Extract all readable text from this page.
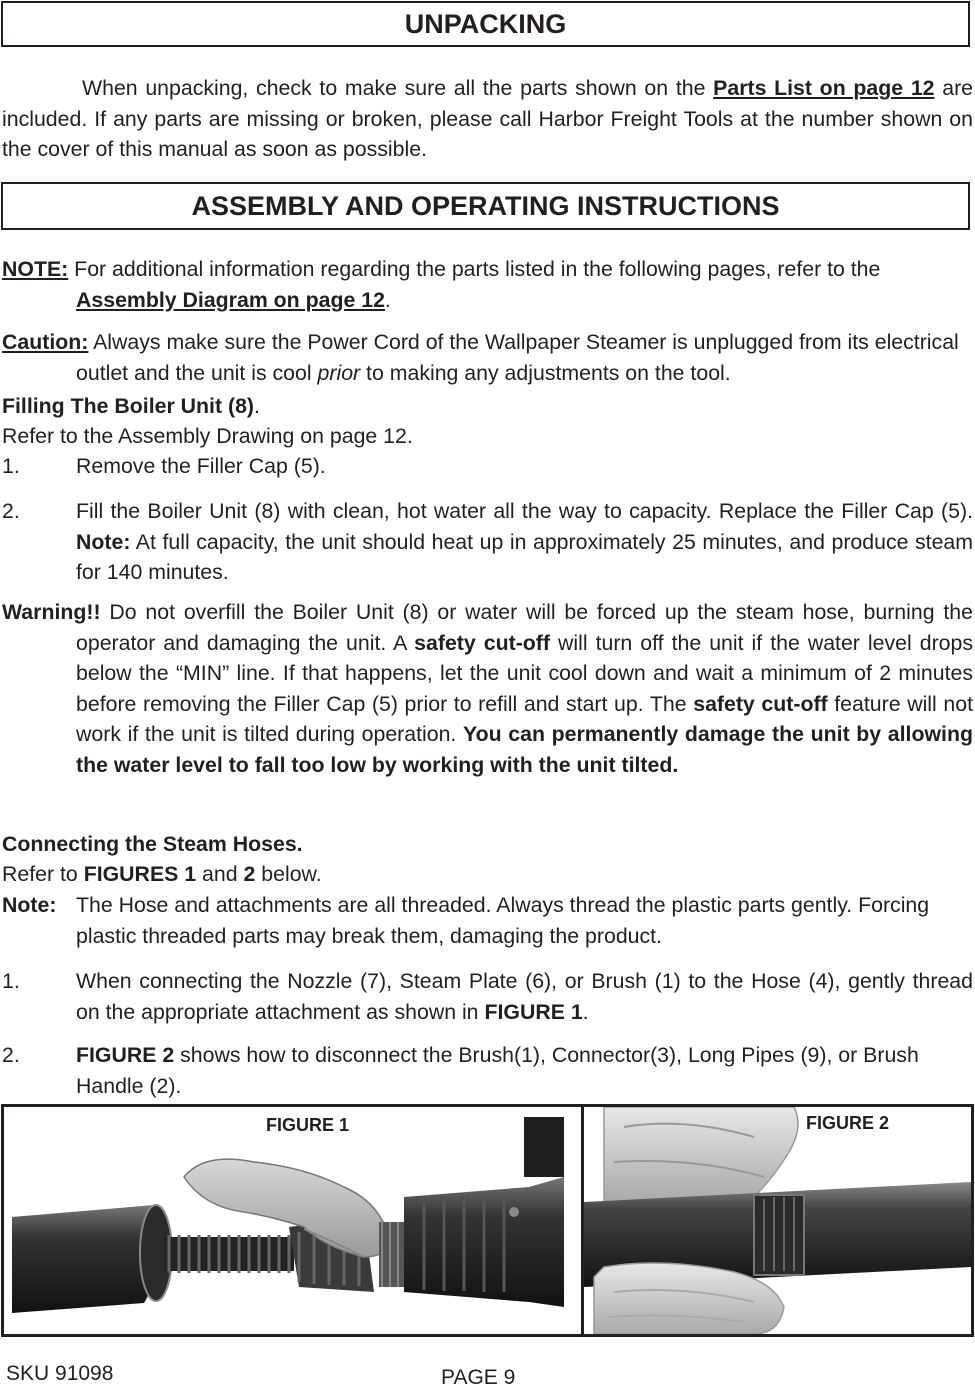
UNPACKING

When unpacking, check to make sure all the parts shown on the Parts List on page 12 are included. If any parts are missing or broken, please call Harbor Freight Tools at the number shown on the cover of this manual as soon as possible.

ASSEMBLY AND OPERATING INSTRUCTIONS

NOTE: For additional information regarding the parts listed in the following pages, refer to the Assembly Diagram on page 12.

Caution: Always make sure the Power Cord of the Wallpaper Steamer is unplugged from its electrical outlet and the unit is cool prior to making any adjustments on the tool.

Filling The Boiler Unit (8).

Refer to the Assembly Drawing on page 12.

1.	Remove the Filler Cap (5).

2.	Fill the Boiler Unit (8) with clean, hot water all the way to capacity. Replace the Filler Cap (5). Note: At full capacity, the unit should heat up in approximately 25 minutes, and produce steam for 140 minutes.

Warning!! Do not overfill the Boiler Unit (8) or water will be forced up the steam hose, burning the operator and damaging the unit. A safety cut-off will turn off the unit if the water level drops below the “MIN” line. If that happens, let the unit cool down and wait a minimum of 2 minutes before removing the Filler Cap (5) prior to refill and start up. The safety cut-off feature will not work if the unit is tilted during operation. You can permanently damage the unit by allowing the water level to fall too low by working with the unit tilted.

Connecting the Steam Hoses.

Refer to FIGURES 1 and 2 below.

Note: The Hose and attachments are all threaded. Always thread the plastic parts gently. Forcing plastic threaded parts may break them, damaging the product.

1.	When connecting the Nozzle (7), Steam Plate (6), or Brush (1) to the Hose (4), gently thread on the appropriate attachment as shown in FIGURE 1.

2.	FIGURE 2 shows how to disconnect the Brush(1), Connector(3), Long Pipes (9), or Brush Handle (2).

FIGURE 1	FIGURE 2
SKU 91098	PAGE 9
